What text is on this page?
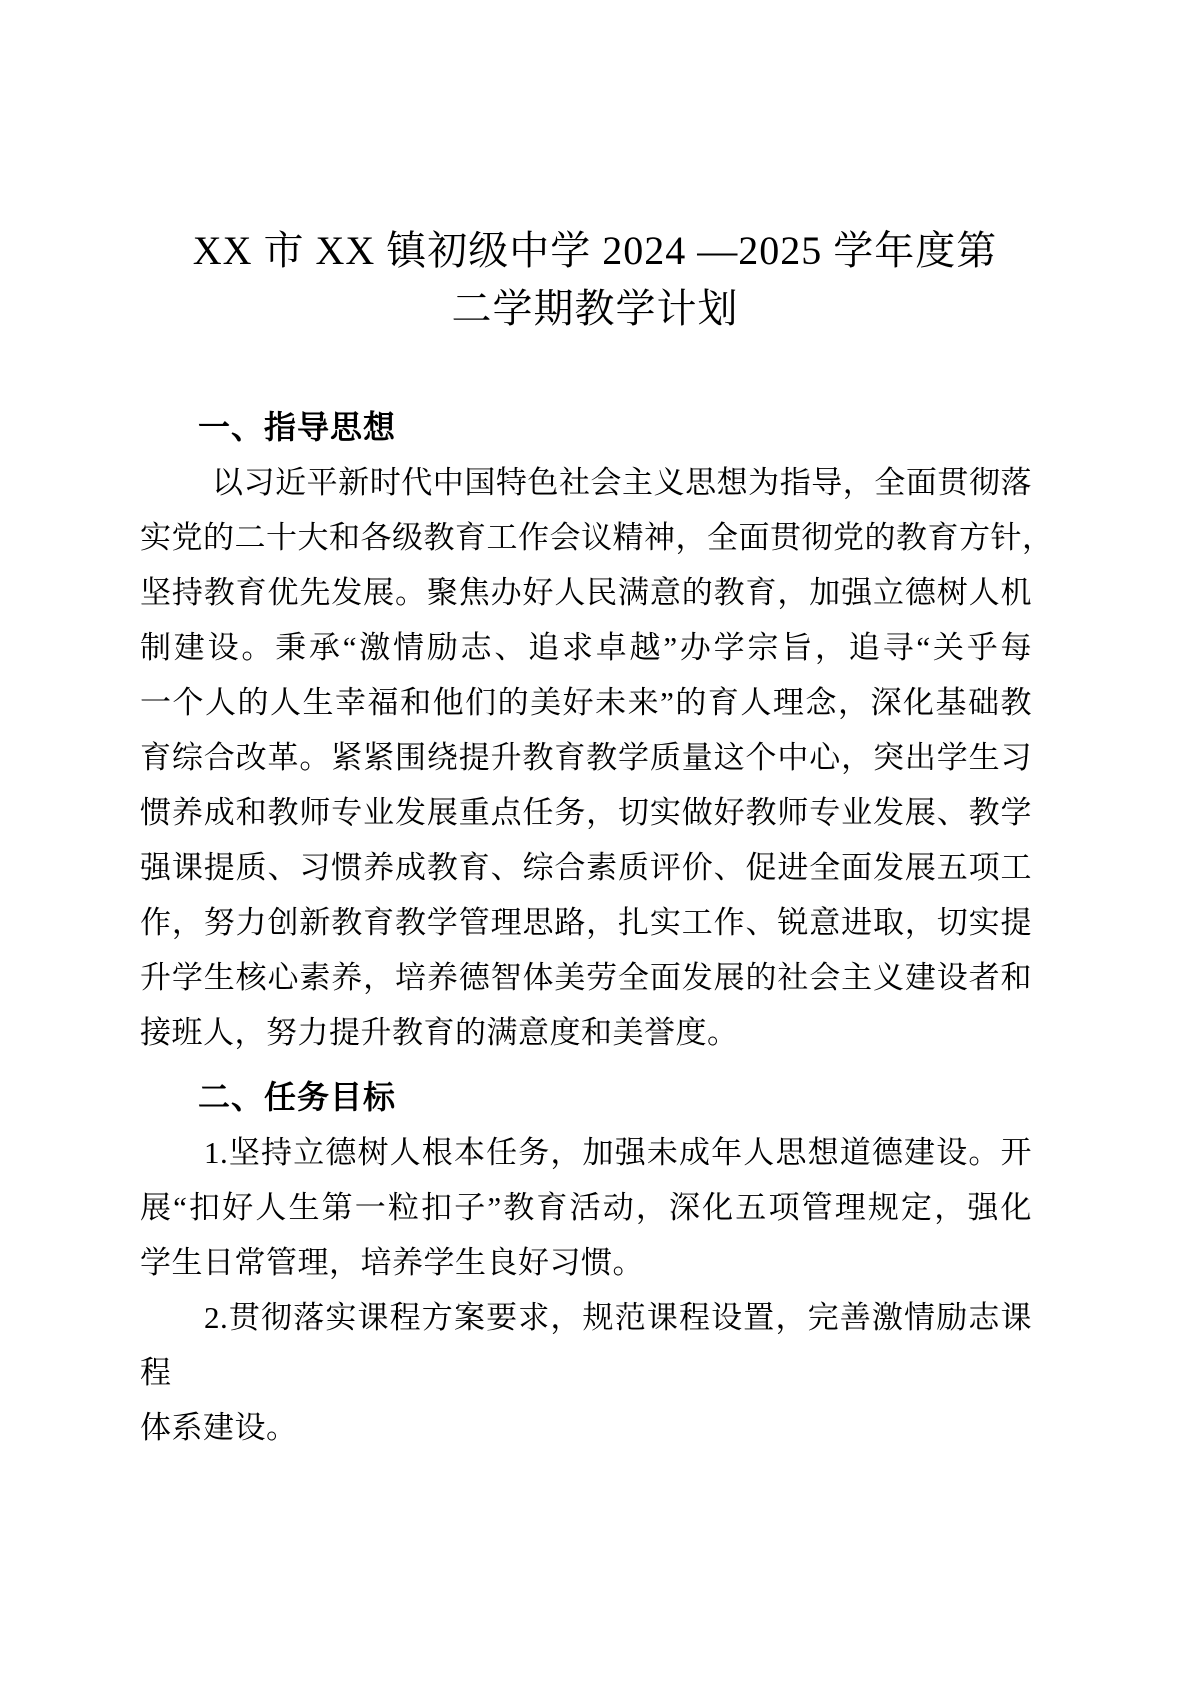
XX 市 XX 镇初级中学 2024 —2025 学年度第
二学期教学计划
一、指导思想
以习近平新时代中国特色社会主义思想为指导，全面贯彻落
实党的二十大和各级教育工作会议精神，全面贯彻党的教育方针，
坚持教育优先发展。聚焦办好人民满意的教育，加强立德树人机
制建设。秉承“激情励志、追求卓越”办学宗旨，追寻“关乎每
一个人的人生幸福和他们的美好未来”的育人理念，深化基础教
育综合改革。紧紧围绕提升教育教学质量这个中心，突出学生习
惯养成和教师专业发展重点任务，切实做好教师专业发展、教学
强课提质、习惯养成教育、综合素质评价、促进全面发展五项工
作，努力创新教育教学管理思路，扎实工作、锐意进取，切实提
升学生核心素养，培养德智体美劳全面发展的社会主义建设者和
接班人，努力提升教育的满意度和美誉度。
二、任务目标
1.坚持立德树人根本任务，加强未成年人思想道德建设。开
展“扣好人生第一粒扣子”教育活动，深化五项管理规定，强化
学生日常管理，培养学生良好习惯。
2.贯彻落实课程方案要求，规范课程设置，完善激情励志课
程
体系建设。
